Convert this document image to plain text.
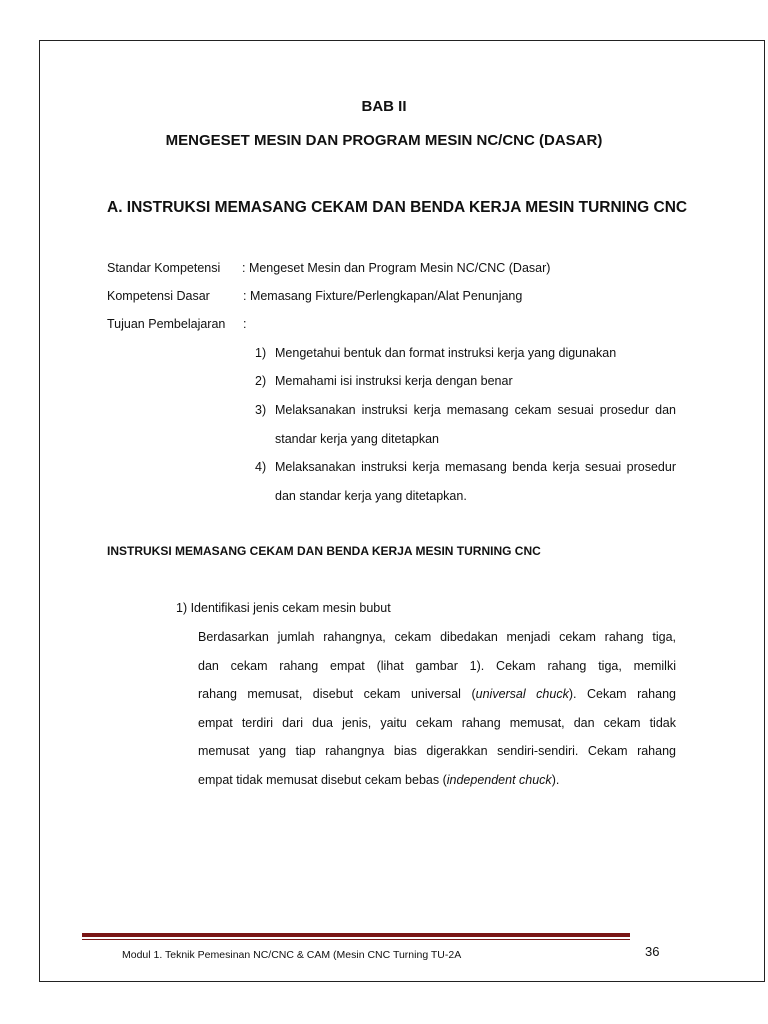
BAB II
MENGESET MESIN DAN PROGRAM MESIN NC/CNC (DASAR)
A. INSTRUKSI MEMASANG CEKAM DAN BENDA KERJA MESIN TURNING CNC
Standar Kompetensi : Mengeset Mesin dan Program Mesin NC/CNC (Dasar)
Kompetensi Dasar	: Memasang Fixture/Perlengkapan/Alat Penunjang
Tujuan Pembelajaran :
1) Mengetahui bentuk dan format instruksi kerja yang digunakan
2) Memahami isi instruksi kerja dengan benar
3) Melaksanakan instruksi kerja memasang cekam sesuai prosedur dan standar kerja yang ditetapkan
4) Melaksanakan instruksi kerja memasang benda kerja sesuai prosedur dan standar kerja yang ditetapkan.
INSTRUKSI MEMASANG CEKAM DAN BENDA KERJA MESIN TURNING CNC
1) Identifikasi jenis cekam mesin bubut
Berdasarkan jumlah rahangnya, cekam dibedakan menjadi cekam rahang tiga,
dan cekam rahang empat (lihat gambar 1). Cekam rahang tiga, memilki
rahang memusat, disebut cekam universal (universal chuck). Cekam rahang
empat terdiri dari dua jenis, yaitu cekam rahang memusat, dan cekam tidak
memusat yang tiap rahangnya bias digerakkan sendiri-sendiri. Cekam rahang
empat tidak memusat disebut cekam bebas (independent chuck).
Modul 1. Teknik Pemesinan NC/CNC & CAM (Mesin CNC Turning TU-2A	36
